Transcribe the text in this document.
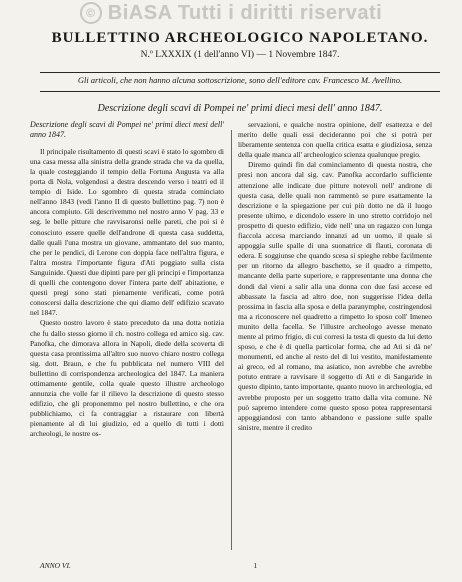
© BiASA Tutti i diritti riservati
BULLETTINO ARCHEOLOGICO NAPOLETANO.
N.º LXXXIX (1 dell'anno VI) — 1 Novembre 1847.
Gli articoli, che non hanno alcuna sottoscrizione, sono dell'editore cav. Francesco M. Avellino.
Descrizione degli scavi di Pompei ne' primi dieci mesi dell' anno 1847.

Descrizione degli scavi di Pompei ne' primi dieci mesi dell' anno 1847.

Il principale risultamento di questi scavi è stato lo sgombro di una casa messa alla sinistra della grande strada che va da quella, la quale costeggiando il tempio della Fortuna Augusta va alla porta di Nola, volgendosi a destra descendo verso i teatri ed il tempio di Iside. Lo sgombro di questa strada cominciato nell'anno 1843 (vedi l'anno II di questo bullettino pag. 7) non è ancora compiuto. Gli descrivemmo nel nostro anno V pag. 33 e seg. le belle pitture che ravvisaronsi nelle pareti, che poi si è conosciuto essere quelle dell'androne di questa casa suddetta, dalle quali l'una mostra un giovane, ammantato del suo manto, che per le pendici, di Lerone con doppia face nell'altra figura, e l'altra mostra l'importante figura d'Ati poggiato sulla cista Sanguinide. Questi due dipinti pare per gli principi e l'importanza di quelli che contengono dover l'intera parte dell' abitazione, e questi pregi sono stati pienamente verificati, come potrà conoscersi dalla descrizione che qui diamo dell' edifizio scavato nel 1847.

Questo nostro lavoro è stato preceduto da una dotta notizia che fu dallo stesso giorno il ch. nostro collega ed amico sig. cav. Panofka, che dimorava allora in Napoli, diede della scoverta di questa casa prontissima all'altro suo nuovo chiaro nostro collega sig. dott. Braun, e che fu pubblicata nel numero VIII del bullettino di corrispondenza archeologica del 1847. La maniera ottimamente gentile, colla quale questo illustre archeologo annunzia che volle far il rilievo la descrizione di questo stesso edifizio, che gli proponemmo pel nostro bullettino, e che ora pubblichiamo, ci fa contraggiar a ristaurare con libertà pienamente al di lui giudizio, ed a quello di tutti i dotti archeologi, le nostre os-

servazioni, e qualche nostra opinione, dell' esattezza e del merito delle quali essi decideranno poi che si potrà per liberamente sentenza con quella critica esatta e giudiziosa, senza della quale manca all' archeologico scienza qualunque pregio.

Diremo quindi fin dal cominciamento di questa nostra, che presi non ancora dal sig. cav. Panofka accordarlo sufficiente attenzione alle indicate due pitture notevoli nell' androne di questa casa, delle quali non rammentò se pure esattamente la descrizione e la spiegazione per cui più dotto ne dà il luogo presente ultimo, e dicendolo essere in uno stretto corridojo nel prospetto di questo edifizio, vide nell' una un ragazzo con lunga fiaccola accesa marciando innanzi ad un uomo, il quale si appoggia sulle spalle di una suonatrice di flauti, coronata di edera. E soggiunse che quando scesa si spieghe rebbe facilmente per un ritorno da allegro baschetto, se il quadro a rimpetto, mancante della parte superiore, e rappresentante una donna che dondi dal vieni a salir alla una donna con due fasi accese ed abbassate la fascia ad altro doe, non suggerisse l'idea della prossima in fascia alla sposa e della paranymphe, costringendosi ma a riconoscere nel quadretto a rimpetto lo sposo coll' Imeneo munito della facella. Se l'illustre archeologo avesse menato mente al primo frigio, di cui corresi la testa di questo da lui detto sposo, e che è di quella particolar forma, che ad Ati si dà ne' monumenti, ed anche al resto del di lui vestito, manifestamente ai greco, ed al romano, ma asiatico, non avrebbe che avrebbe potuto entrare a ravvisare il soggetto di Ati e di Sangaride in questo dipinto, tanto importante, quanto nuovo in archeologia, ed avrebbe proposto per un soggetto tratto dalla vita comune. Nè può sapremo intendere come questo sposo potea rappresentarsi appoggiandosi con tanto abbandono e passione sulle spalle sinistre, mentre il credito

ANNO VI.	1
